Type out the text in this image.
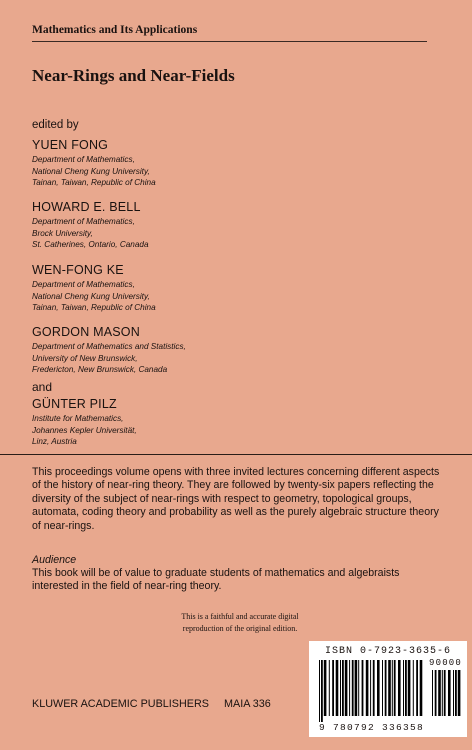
Mathematics and Its Applications
Near-Rings and Near-Fields
edited by
YUEN FONG
Department of Mathematics,
National Cheng Kung University,
Tainan, Taiwan, Republic of China
HOWARD E. BELL
Department of Mathematics,
Brock University,
St. Catherines, Ontario, Canada
WEN-FONG KE
Department of Mathematics,
National Cheng Kung University,
Tainan, Taiwan, Republic of China
GORDON MASON
Department of Mathematics and Statistics,
University of New Brunswick,
Fredericton, New Brunswick, Canada
and
GÜNTER PILZ
Institute for Mathematics,
Johannes Kepler Universität,
Linz, Austria
This proceedings volume opens with three invited lectures concerning different aspects of the history of near-ring theory. They are followed by twenty-six papers reflecting the diversity of the subject of near-rings with respect to geometry, topological groups, automata, coding theory and probability as well as the purely algebraic structure theory of near-rings.
Audience
This book will be of value to graduate students of mathematics and algebraists interested in the field of near-ring theory.
This is a faithful and accurate digital
reproduction of the original edition.
KLUWER ACADEMIC PUBLISHERS MAIA 336
ISBN 0-7923-3635-6
90000
9 780792 336358
